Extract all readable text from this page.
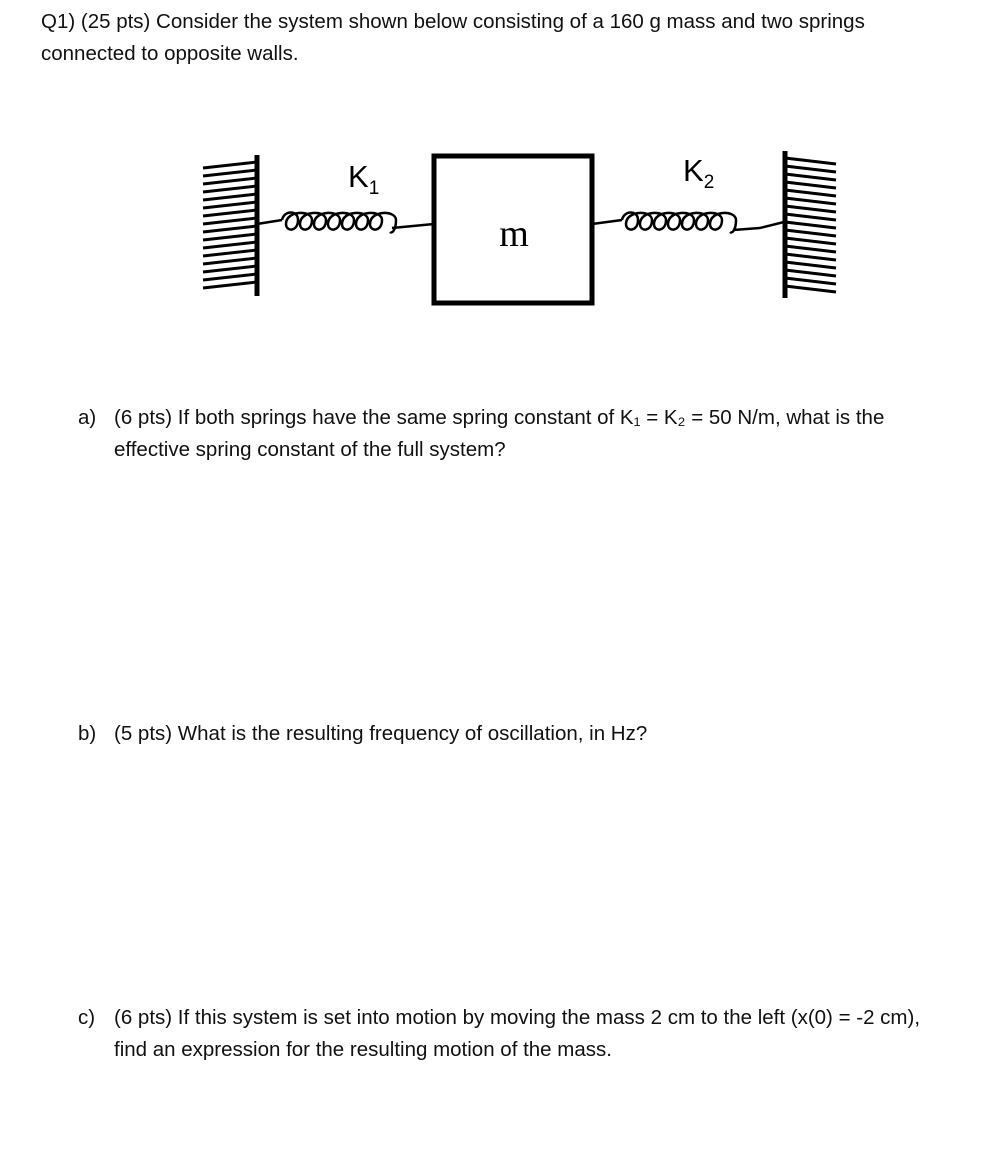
Q1) (25 pts) Consider the system shown below consisting of a 160 g mass and two springs connected to opposite walls.

$K_1$
m
$K_2$
a) (6 pts) If both springs have the same spring constant of K₁ = K₂ = 50 N/m, what is the effective spring constant of the full system?
b) (5 pts) What is the resulting frequency of oscillation, in Hz?
c) (6 pts) If this system is set into motion by moving the mass 2 cm to the left (x(0) = -2 cm), find an expression for the resulting motion of the mass.
